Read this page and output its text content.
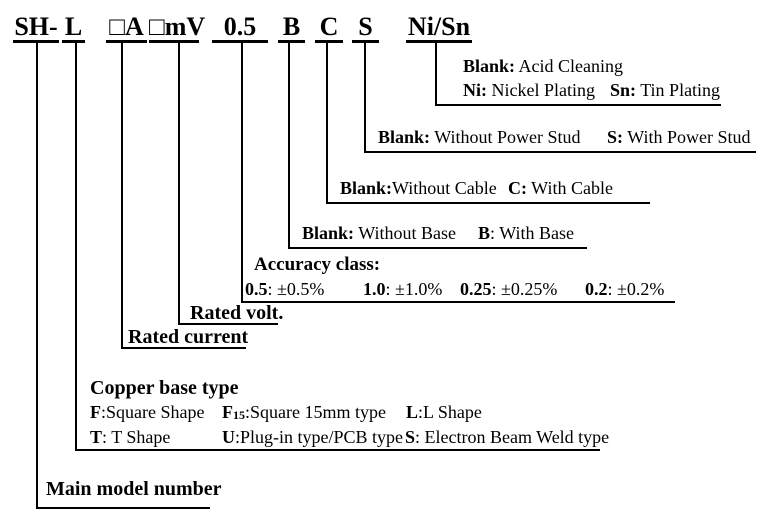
SH- L □A □mV 0.5	B C S Ni/Sn
Blank: Acid Cleaning
Ni: Nickel Plating Sn: Tin Plating
Blank: Without Power Stud S: With Power Stud
Blank:Without Cable C: With Cable
Blank: Without Base B: With Base
Accuracy class:
0.5: ±0.5% 1.0: ±1.0% 0.25: ±0.25% 0.2: ±0.2%
Rated volt.
Rated current
Copper base type
F:Square Shape F15:Square 15mm type L:L Shape
T: T Shape	U:Plug-in type/PCB type S: Electron Beam Weld type
Main model number
